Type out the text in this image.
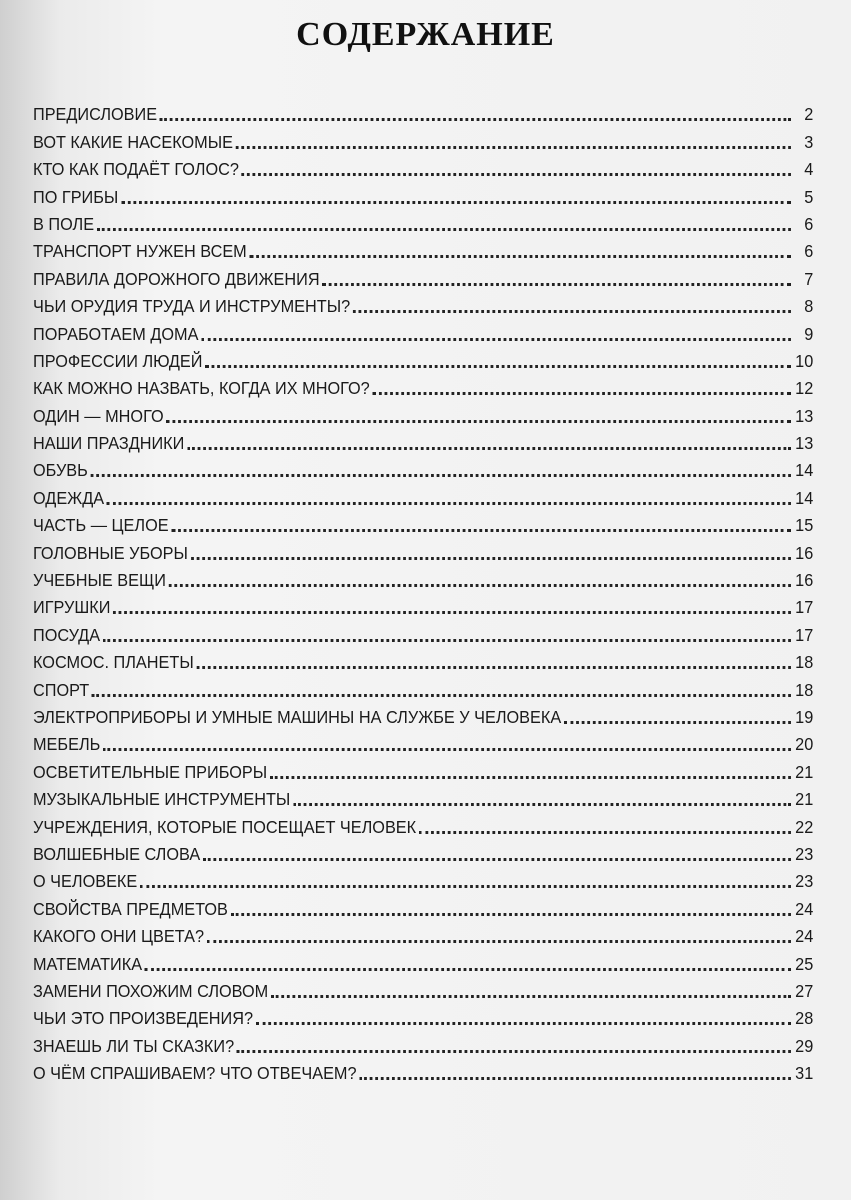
СОДЕРЖАНИЕ
ПРЕДИСЛОВИЕ	2
ВОТ КАКИЕ НАСЕКОМЫЕ	3
КТО КАК ПОДАЁТ ГОЛОС?	4
ПО ГРИБЫ	5
В ПОЛЕ	6
ТРАНСПОРТ НУЖЕН ВСЕМ	6
ПРАВИЛА ДОРОЖНОГО ДВИЖЕНИЯ	7
ЧЬИ ОРУДИЯ ТРУДА И ИНСТРУМЕНТЫ?	8
ПОРАБОТАЕМ ДОМА	9
ПРОФЕССИИ ЛЮДЕЙ	10
КАК МОЖНО НАЗВАТЬ, КОГДА ИХ МНОГО?	12
ОДИН — МНОГО	13
НАШИ ПРАЗДНИКИ	13
ОБУВЬ	14
ОДЕЖДА	14
ЧАСТЬ — ЦЕЛОЕ	15
ГОЛОВНЫЕ УБОРЫ	16
УЧЕБНЫЕ ВЕЩИ	16
ИГРУШКИ	17
ПОСУДА	17
КОСМОС. ПЛАНЕТЫ	18
СПОРТ	18
ЭЛЕКТРОПРИБОРЫ И УМНЫЕ МАШИНЫ НА СЛУЖБЕ У ЧЕЛОВЕКА	19
МЕБЕЛЬ	20
ОСВЕТИТЕЛЬНЫЕ ПРИБОРЫ	21
МУЗЫКАЛЬНЫЕ ИНСТРУМЕНТЫ	21
УЧРЕЖДЕНИЯ, КОТОРЫЕ ПОСЕЩАЕТ ЧЕЛОВЕК	22
ВОЛШЕБНЫЕ СЛОВА	23
О ЧЕЛОВЕКЕ	23
СВОЙСТВА ПРЕДМЕТОВ	24
КАКОГО ОНИ ЦВЕТА?	24
МАТЕМАТИКА	25
ЗАМЕНИ ПОХОЖИМ СЛОВОМ	27
ЧЬИ ЭТО ПРОИЗВЕДЕНИЯ?	28
ЗНАЕШЬ ЛИ ТЫ СКАЗКИ?	29
О ЧЁМ СПРАШИВАЕМ? ЧТО ОТВЕЧАЕМ?	31
